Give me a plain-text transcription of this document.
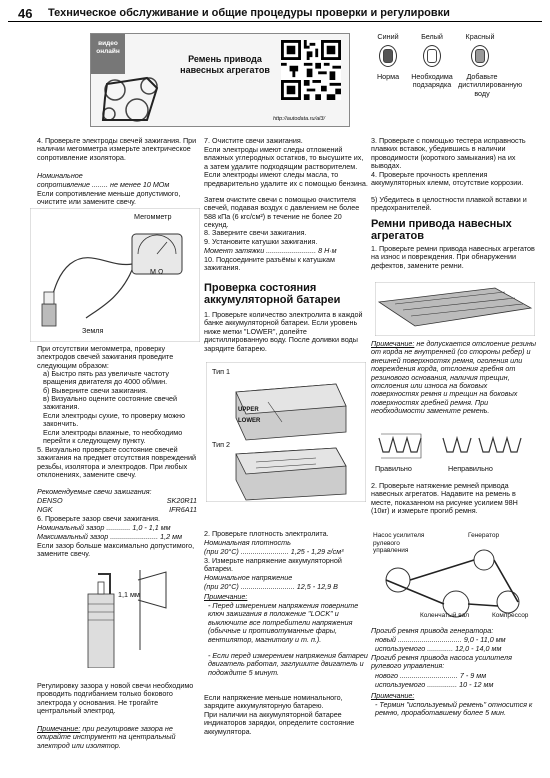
46 Техническое обслуживание и общие процедуры проверки и регулировки
видео онлайн
Ремень привода навесных агрегатов
http://autodata.ru/al3/
Синий	Белый	Красный
Норма	Необходима подзарядка
Добавьте дистиллированную воду
4. Проверьте электроды свечей зажигания. При наличии мегомметра измерьте электрическое сопротивление изолятора.
Номинальное
сопротивление ........ не менее 10 МОм
Если сопротивление меньше допустимого, очистите или замените свечу.
Мегомметр
М Ω
Земля
При отсутствии мегомметра, проверку электродов свечей зажигания проведите следующим образом:
а) Быстро пять раз увеличьте частоту вращения двигателя до 4000 об/мин.
б) Выверните свечи зажигания.
в) Визуально оцените состояние свечей зажигания.
Если электроды сухие, то проверку можно закончить.
Если электроды влажные, то необходимо перейти к следующему пункту.
5. Визуально проверьте состояние свечей зажигания на предмет отсутствия повреждений резьбы, изолятора и электродов. При любых отклонениях, замените свечу.
Рекомендуемые свечи зажигания:
DENSO	SK20R11
NGK	IFR6A11
6. Проверьте зазор свечи зажигания.
Номинальный зазор ............ 1,0 - 1,1 мм
Максимальный зазор ........................ 1,2 мм
Если зазор больше максимально допустимого, замените свечу.
1,1 мм
Регулировку зазора у новой свечи необходимо проводить подгибанием только бокового электрода у основания. Не трогайте центральный электрод.
Примечание: при регулировке зазора не опирайте инструмент на центральный электрод или изолятор.
7. Очистите свечи зажигания.
Если электроды имеют следы отложений влажных углеродных остатков, то высушите их, а затем удалите подходящим растворителем. Если электроды имеют следы масла, то предварительно удалите их с помощью бензина.
Затем очистите свечи с помощью очистителя свечей, подавая воздух с давлением не более 588 кПа (6 кгс/см²) в течение не более 20 секунд.
8. Заверните свечи зажигания.
9. Установите катушки зажигания.
Момент затяжки ......................... 8 Н·м
10. Подсоедините разъёмы к катушкам зажигания.
Проверка состояния аккумуляторной батареи
1. Проверьте количество электролита в каждой банке аккумуляторной батареи. Если уровень ниже метки "LOWER", долейте дистиллированную воду. После доливки воды зарядите батарею.
Тип 1
Тип 2
UPPER
LOWER
2. Проверьте плотность электролита.
Номинальная плотность
(при 20°C) ........................ 1,25 - 1,29 г/см³
3. Измерьте напряжение аккумуляторной батареи.
Номинальное напряжение
(при 20°C) ........................... 12,5 - 12,9 В
Примечание:
- Перед измерением напряжения поверните ключ зажигания в положение "LOCK" и выключите все потребители напряжения (обычные и противотуманные фары, вентилятор, магнитолу и т. п.).
- Если перед измерением напряжения батареи двигатель работал, заглушите двигатель и подождите 5 минут.
Если напряжение меньше номинального, зарядите аккумуляторную батарею.
При наличии на аккумуляторной батарее индикаторов зарядки, определите состояние аккумулятора.
3. Проверьте с помощью тестера исправность плавких вставок, убедившись в наличии проводимости (короткого замыкания) на их выводах.
4. Проверьте прочность крепления аккумуляторных клемм, отсутствие коррозии.
5) Убедитесь в целостности плавкой вставки и предохранителей.
Ремни привода навесных агрегатов
1. Проверьте ремни привода навесных агрегатов на износ и повреждения. При обнаружении дефектов, замените ремни.
Примечание: не допускается отслоение резины от корда не внутренней (со стороны ребер) и внешней поверхностях ремня, оголения или повреждения корда, отслоения гребня от резинового основания, наличия трещин, отслоения или износа на боковых поверхностях ремня и трещин на боковых поверхностях гребней ремня. При необходимости замените ремень.
Правильно	Неправильно
2. Проверьте натяжение ремней привода навесных агрегатов. Надавите на ремень в месте, показанном на рисунке усилием 98Н (10кг) и измерьте прогиб ремня.
Насос усилителя рулевого управления
Генератор
Коленчатый вал	Компрессор
Прогиб ремня привода генератора:
новый ................................ 9,0 - 11,0 мм
используемого ............. 12,0 - 14,0 мм
Прогиб ремня привода насоса усилителя рулевого управления:
нового ............................. 7 - 9 мм
используемого ............... 10 - 12 мм
Примечание:
- Термин "используемый ремень" относится к ремню, проработавшему более 5 мин.
